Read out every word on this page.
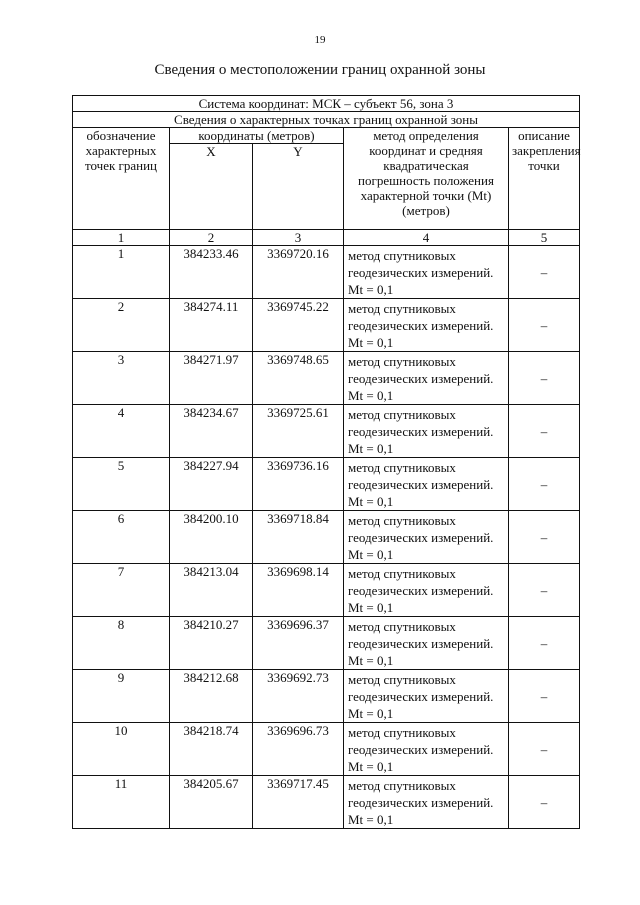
19
Сведения о местоположении границ охранной зоны
Система координат: МСК – субъект 56, зона 3				
Сведения о характерных точках границ охранной зоны				
обозначение характерных точек границ	координаты (метров)		метод определения координат и средняя квадратическая погрешность положения характерной точки (Mt) (метров)	описание закрепления точки
	X	Y		
1	2	3	4	5
1	384233.46	3369720.16	метод спутниковых геодезических измерений. Mt = 0,1	–
2	384274.11	3369745.22	метод спутниковых геодезических измерений. Mt = 0,1	–
3	384271.97	3369748.65	метод спутниковых геодезических измерений. Mt = 0,1	–
4	384234.67	3369725.61	метод спутниковых геодезических измерений. Mt = 0,1	–
5	384227.94	3369736.16	метод спутниковых геодезических измерений. Mt = 0,1	–
6	384200.10	3369718.84	метод спутниковых геодезических измерений. Mt = 0,1	–
7	384213.04	3369698.14	метод спутниковых геодезических измерений. Mt = 0,1	–
8	384210.27	3369696.37	метод спутниковых геодезических измерений. Mt = 0,1	–
9	384212.68	3369692.73	метод спутниковых геодезических измерений. Mt = 0,1	–
10	384218.74	3369696.73	метод спутниковых геодезических измерений. Mt = 0,1	–
11	384205.67	3369717.45	метод спутниковых геодезических измерений. Mt = 0,1	–
